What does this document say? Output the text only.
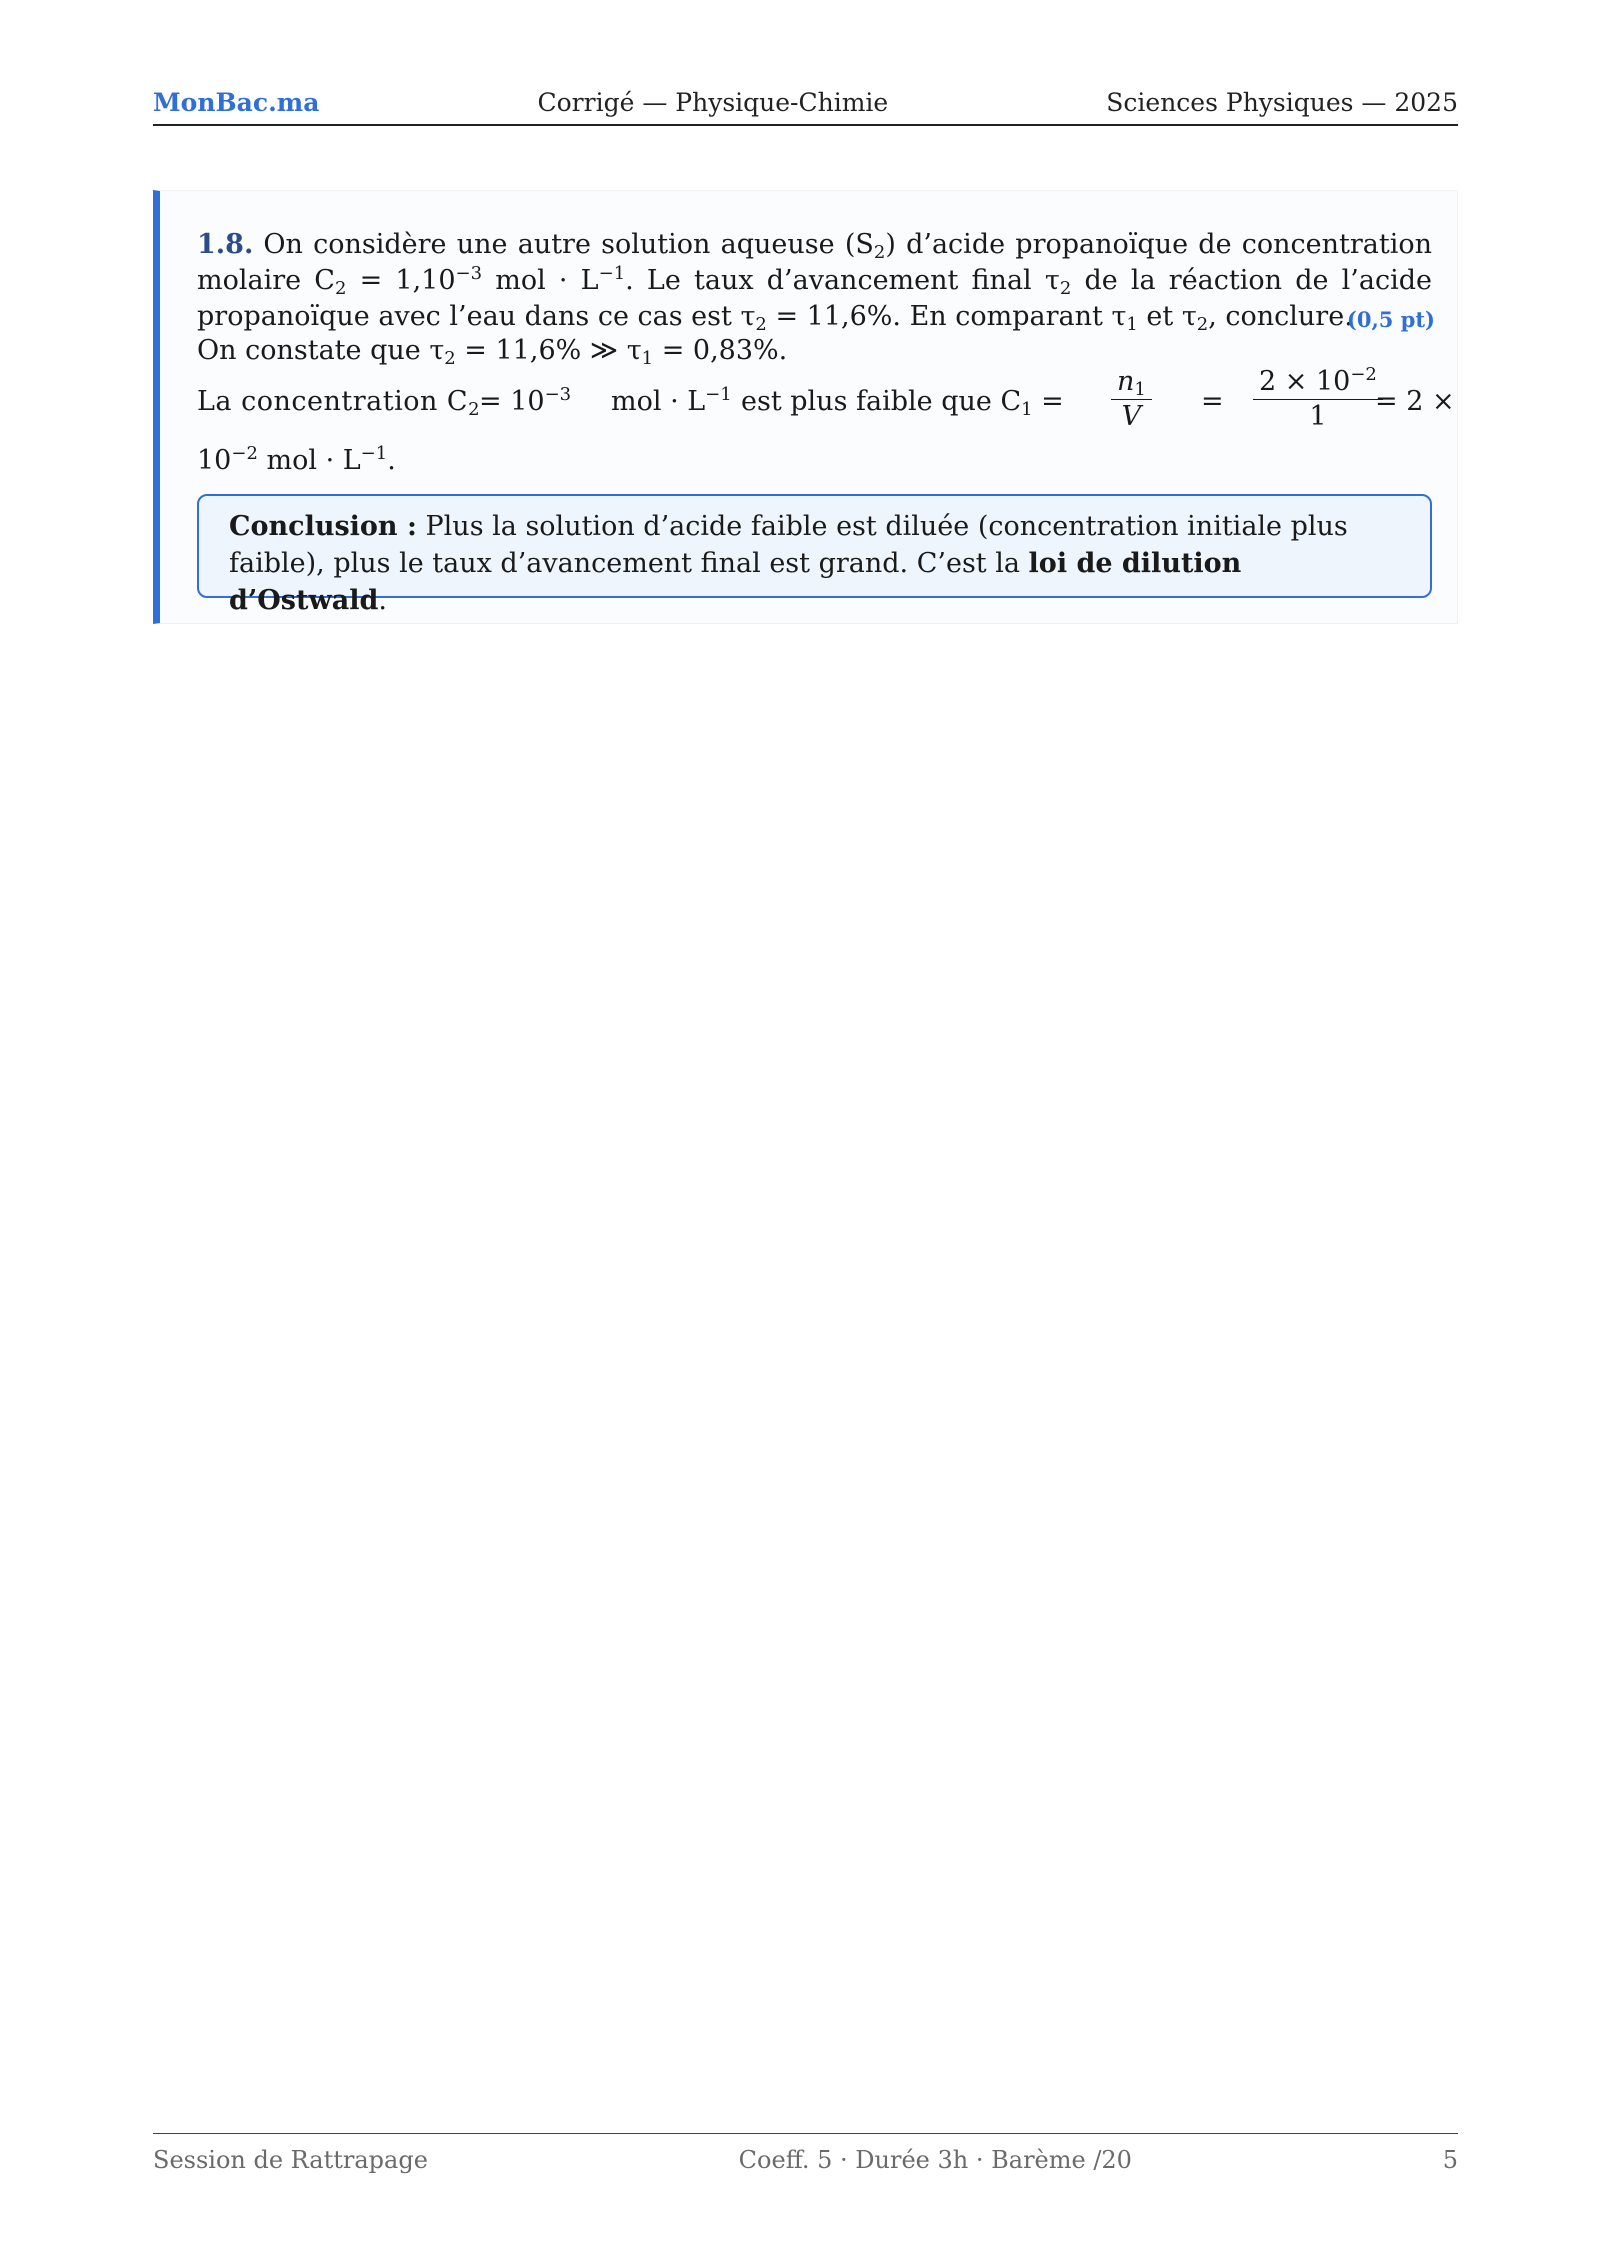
MonBac.ma	Corrigé — Physique-Chimie	Sciences Physiques — 2025
1.8. On considère une autre solution aqueuse $(S_2)$ d’acide propanoïque de concentration molaire $C_2 = 1,10^{-3}$ mol · $L^{-1}$. Le taux d’avancement final $\tau_2$ de la réaction de l’acide propanoïque avec l’eau dans ce cas est $\tau_2 = 11,6\%$. En comparant $\tau_1$ et $\tau_2$, conclure.
(0,5 pt)
On constate que $\tau_2 = 11,6\%$ ≫ $\tau_1 = 0,83\%$.
La concentration $C_2 = 10^{-3}$ mol · $L^{-1}$ est plus faible que $C_1 = \frac{n_1}{V} = \frac{2 \times 10^{-2}}{1}$
= 2 ×
$10^{-2}$ mol · $L^{-1}$.
Conclusion : Plus la solution d’acide faible est diluée (concentration initiale plus faible), plus le taux d’avancement final est grand. C’est la loi de dilution d’Ostwald.
Session de Rattrapage	Coeff. 5 · Durée 3h · Barème /20	5
